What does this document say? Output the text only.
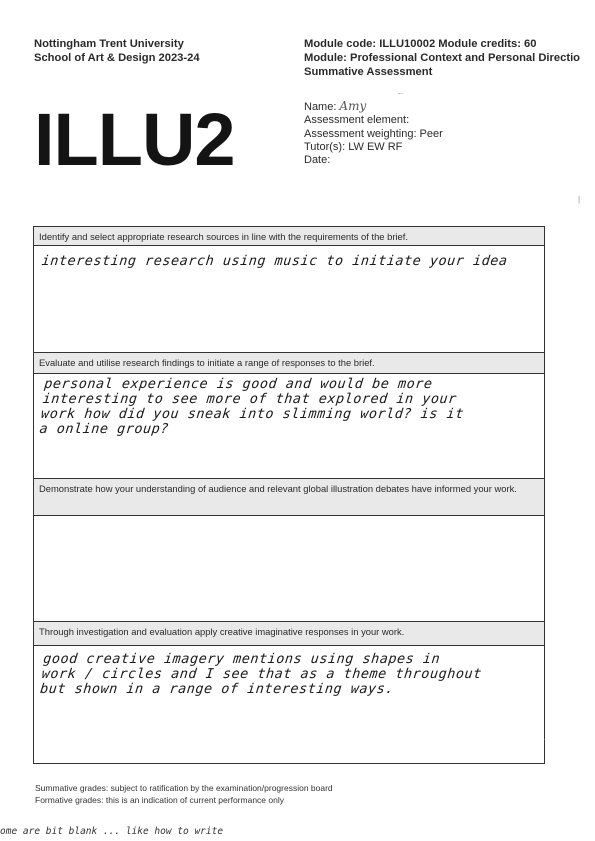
Nottingham Trent University
School of Art & Design 2023-24
Module code: ILLU10002 Module credits: 60
Module: Professional Context and Personal Directio
Summative Assessment
ILLU2	Name: Amy
Assessment element:
Assessment weighting: Peer
Tutor(s): LW EW RF
Date:
Identify and select appropriate research sources in line with the requirements of the brief.
interesting research using music to initiate your idea
Evaluate and utilise research findings to initiate a range of responses to the brief.
personal experience is good and would be more
interesting to see more of that explored in your
work how did you sneak into slimming world? is it
a online group?
Demonstrate how your understanding of audience and relevant global illustration debates have informed your work.
Through investigation and evaluation apply creative imaginative responses in your work.
good creative imagery mentions using shapes in
work / circles and I see that as a theme throughout
but shown in a range of interesting ways.
Summative grades: subject to ratification by the examination/progression board
Formative grades: this is an indication of current performance only
ome are bit blank ... like how to write
-·
·
|
